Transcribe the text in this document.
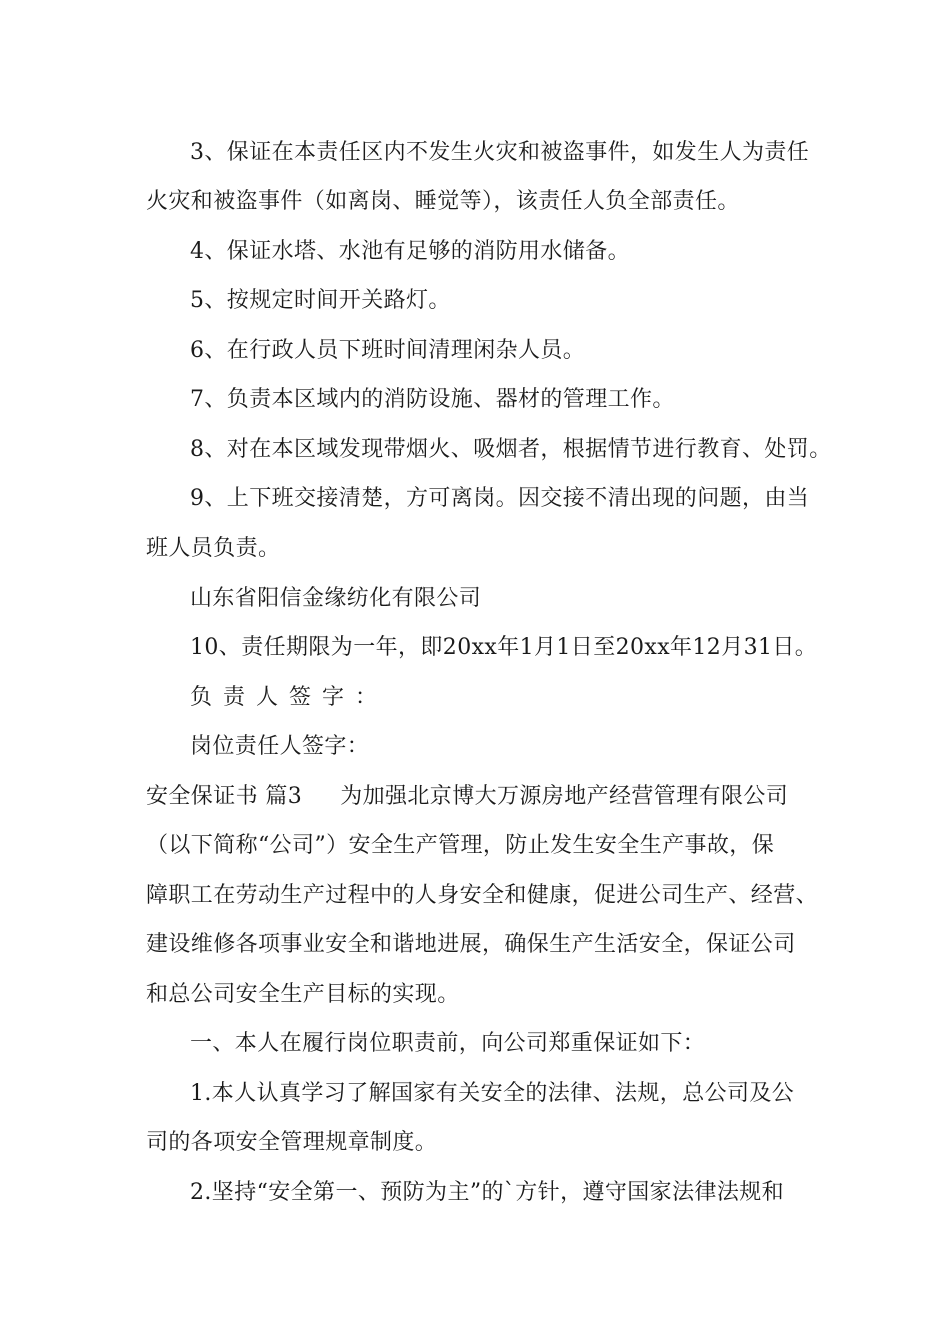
3、保证在本责任区内不发生火灾和被盗事件，如发生人为责任
火灾和被盗事件（如离岗、睡觉等），该责任人负全部责任。
4、保证水塔、水池有足够的消防用水储备。
5、按规定时间开关路灯。
6、在行政人员下班时间清理闲杂人员。
7、负责本区域内的消防设施、器材的管理工作。
8、对在本区域发现带烟火、吸烟者，根据情节进行教育、处罚。
9、上下班交接清楚，方可离岗。因交接不清出现的问题，由当
班人员负责。
山东省阳信金缘纺化有限公司
10、责任期限为一年，即20xx年1月1日至20xx年12月31日。
负责人签字：
岗位责任人签字：
安全保证书 篇3 为加强北京博大万源房地产经营管理有限公司
（以下简称“公司”）安全生产管理，防止发生安全生产事故，保
障职工在劳动生产过程中的人身安全和健康，促进公司生产、经营、
建设维修各项事业安全和谐地进展，确保生产生活安全，保证公司
和总公司安全生产目标的实现。
一、本人在履行岗位职责前，向公司郑重保证如下：
1.本人认真学习了解国家有关安全的法律、法规，总公司及公
司的各项安全管理规章制度。
2.坚持“安全第一、预防为主”的`方针，遵守国家法律法规和
